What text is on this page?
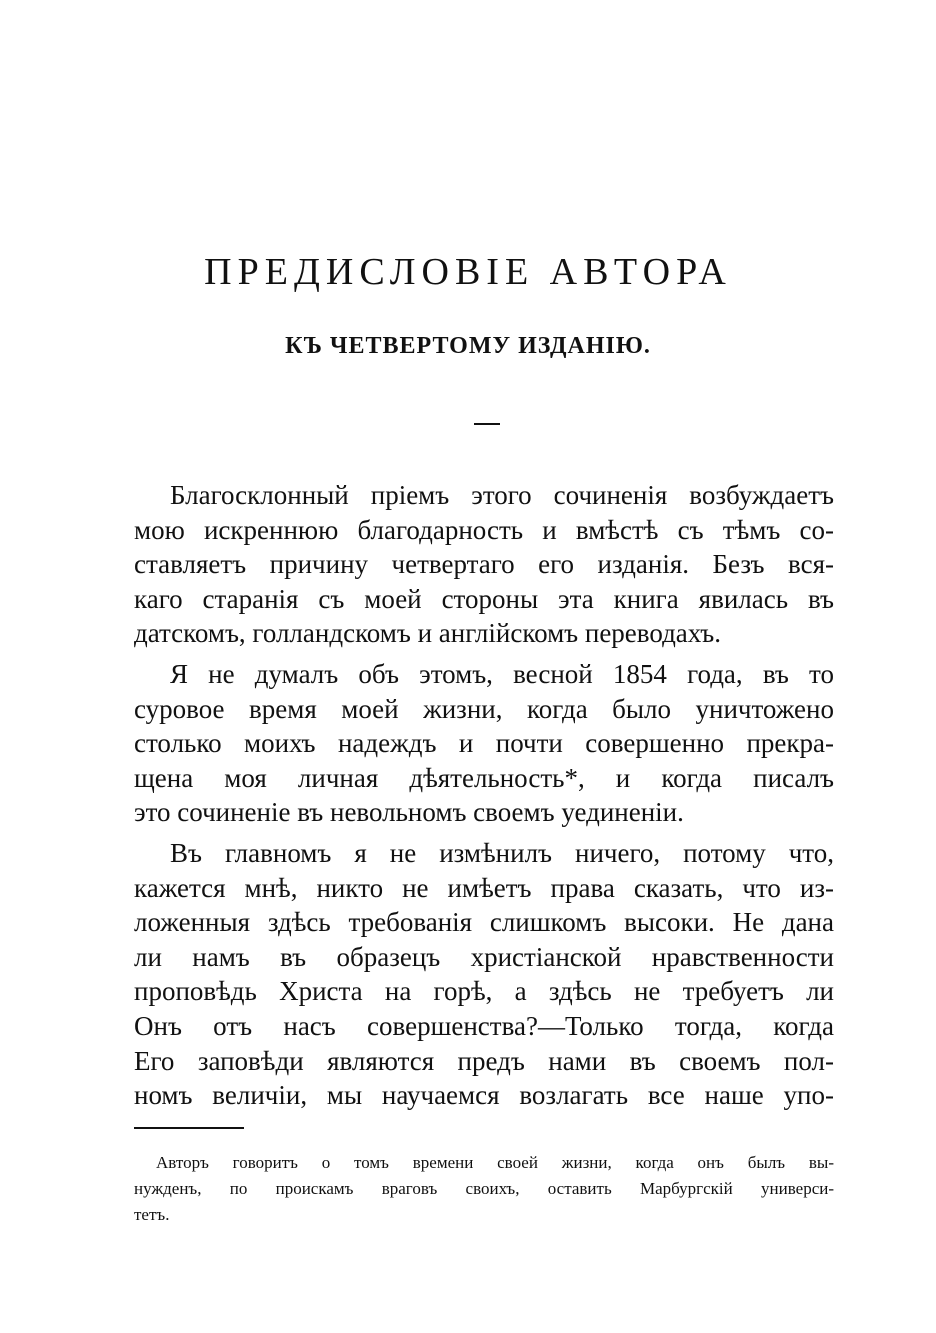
ПРЕДИСЛОВІЕ АВТОРА
КЪ ЧЕТВЕРТОМУ ИЗДАНІЮ.

Благосклонный пріемъ этого сочиненія возбуждаетъ
мою искреннюю благодарность и вмѣстѣ съ тѣмъ со-
ставляетъ причину четвертаго его изданія. Безъ вся-
каго старанія съ моей стороны эта книга явилась въ
датскомъ, голландскомъ и англійскомъ переводахъ.

Я не думалъ объ этомъ, весной 1854 года, въ то
суровое время моей жизни, когда было уничтожено
столько моихъ надеждъ и почти совершенно прекра-
щена моя личная дѣятельность*, и когда писалъ
это сочиненіе въ невольномъ своемъ уединеніи.

Въ главномъ я не измѣнилъ ничего, потому что,
кажется мнѣ, никто не имѣетъ права сказать, что из-
ложенныя здѣсь требованія слишкомъ высоки. Не дана
ли намъ въ образецъ христіанской нравственности
проповѣдь Христа на горѣ, а здѣсь не требуетъ ли
Онъ отъ насъ совершенства?—Только тогда, когда
Его заповѣди являются предъ нами въ своемъ пол-
номъ величіи, мы научаемся возлагать все наше упо-

Авторъ говоритъ о томъ времени своей жизни, когда онъ былъ вы-
нужденъ, по проискамъ враговъ своихъ, оставить Марбургскій универси-
тетъ.
